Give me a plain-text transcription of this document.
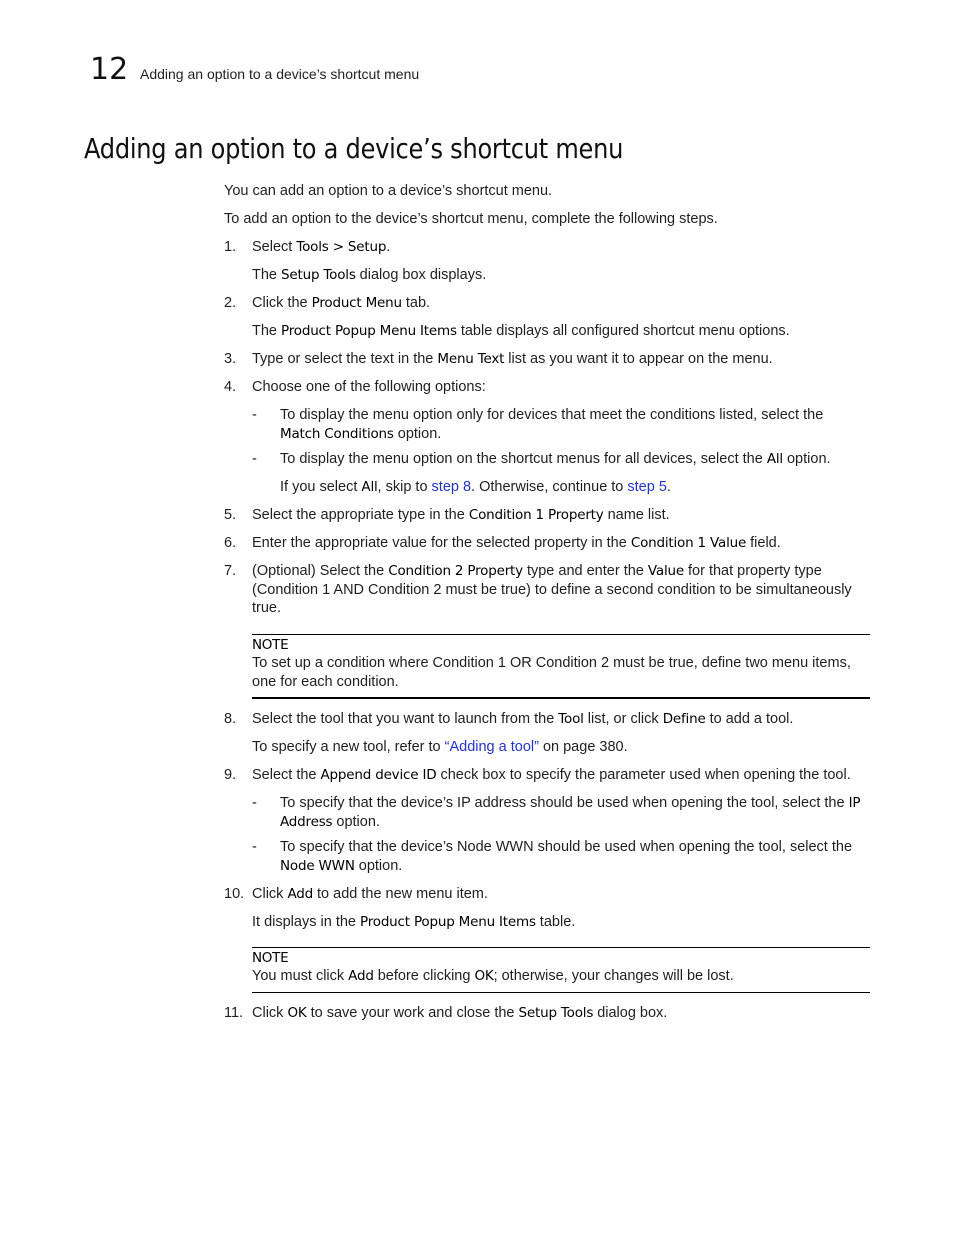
12 Adding an option to a device’s shortcut menu
Adding an option to a device’s shortcut menu
You can add an option to a device’s shortcut menu.
To add an option to the device’s shortcut menu, complete the following steps.
1. Select Tools > Setup.
The Setup Tools dialog box displays.
2. Click the Product Menu tab.
The Product Popup Menu Items table displays all configured shortcut menu options.
3. Type or select the text in the Menu Text list as you want it to appear on the menu.
4. Choose one of the following options:
- To display the menu option only for devices that meet the conditions listed, select the
Match Conditions option.
- To display the menu option on the shortcut menus for all devices, select the All option.
If you select All, skip to step 8. Otherwise, continue to step 5.
5. Select the appropriate type in the Condition 1 Property name list.
6. Enter the appropriate value for the selected property in the Condition 1 Value field.
7. (Optional) Select the Condition 2 Property type and enter the Value for that property type
(Condition 1 AND Condition 2 must be true) to define a second condition to be simultaneously
true.
NOTE
To set up a condition where Condition 1 OR Condition 2 must be true, define two menu items,
one for each condition.
8. Select the tool that you want to launch from the Tool list, or click Define to add a tool.
To specify a new tool, refer to “Adding a tool” on page 380.
9. Select the Append device ID check box to specify the parameter used when opening the tool.
- To specify that the device’s IP address should be used when opening the tool, select the IP
Address option.
- To specify that the device’s Node WWN should be used when opening the tool, select the
Node WWN option.
10. Click Add to add the new menu item.
It displays in the Product Popup Menu Items table.
NOTE
You must click Add before clicking OK; otherwise, your changes will be lost.
11. Click OK to save your work and close the Setup Tools dialog box.
